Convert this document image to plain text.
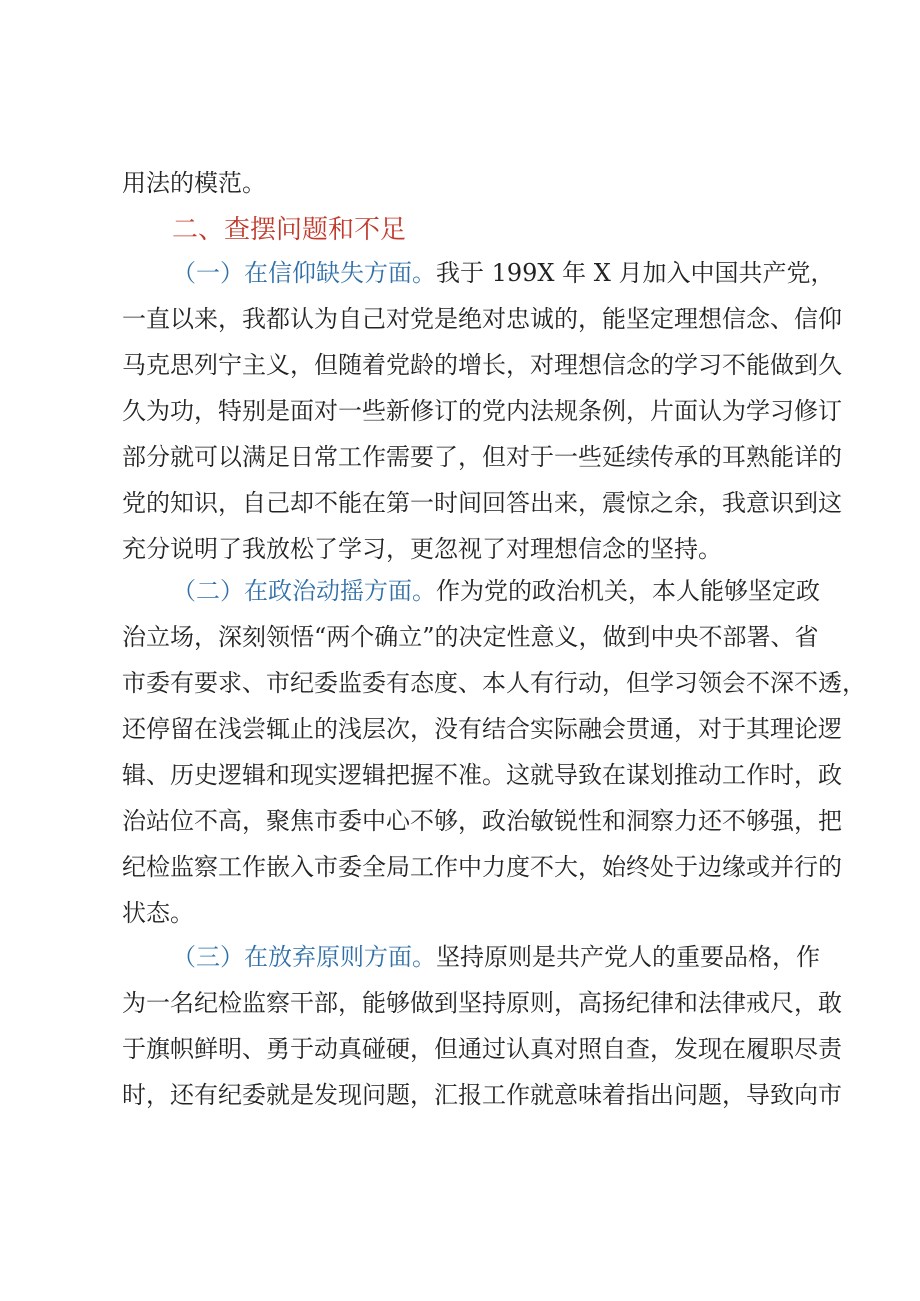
用法的模范。
二、查摆问题和不足
（一）在信仰缺失方面。我于 199X 年 X 月加入中国共产党，
一直以来，我都认为自己对党是绝对忠诚的，能坚定理想信念、信仰
马克思列宁主义，但随着党龄的增长，对理想信念的学习不能做到久
久为功，特别是面对一些新修订的党内法规条例，片面认为学习修订
部分就可以满足日常工作需要了，但对于一些延续传承的耳熟能详的
党的知识，自己却不能在第一时间回答出来，震惊之余，我意识到这
充分说明了我放松了学习，更忽视了对理想信念的坚持。
（二）在政治动摇方面。作为党的政治机关，本人能够坚定政
治立场，深刻领悟“两个确立”的决定性意义，做到中央不部署、省
市委有要求、市纪委监委有态度、本人有行动，但学习领会不深不透，
还停留在浅尝辄止的浅层次，没有结合实际融会贯通，对于其理论逻
辑、历史逻辑和现实逻辑把握不准。这就导致在谋划推动工作时，政
治站位不高，聚焦市委中心不够，政治敏锐性和洞察力还不够强，把
纪检监察工作嵌入市委全局工作中力度不大，始终处于边缘或并行的
状态。
（三）在放弃原则方面。坚持原则是共产党人的重要品格，作
为一名纪检监察干部，能够做到坚持原则，高扬纪律和法律戒尺，敢
于旗帜鲜明、勇于动真碰硬，但通过认真对照自查，发现在履职尽责
时，还有纪委就是发现问题，汇报工作就意味着指出问题，导致向市
